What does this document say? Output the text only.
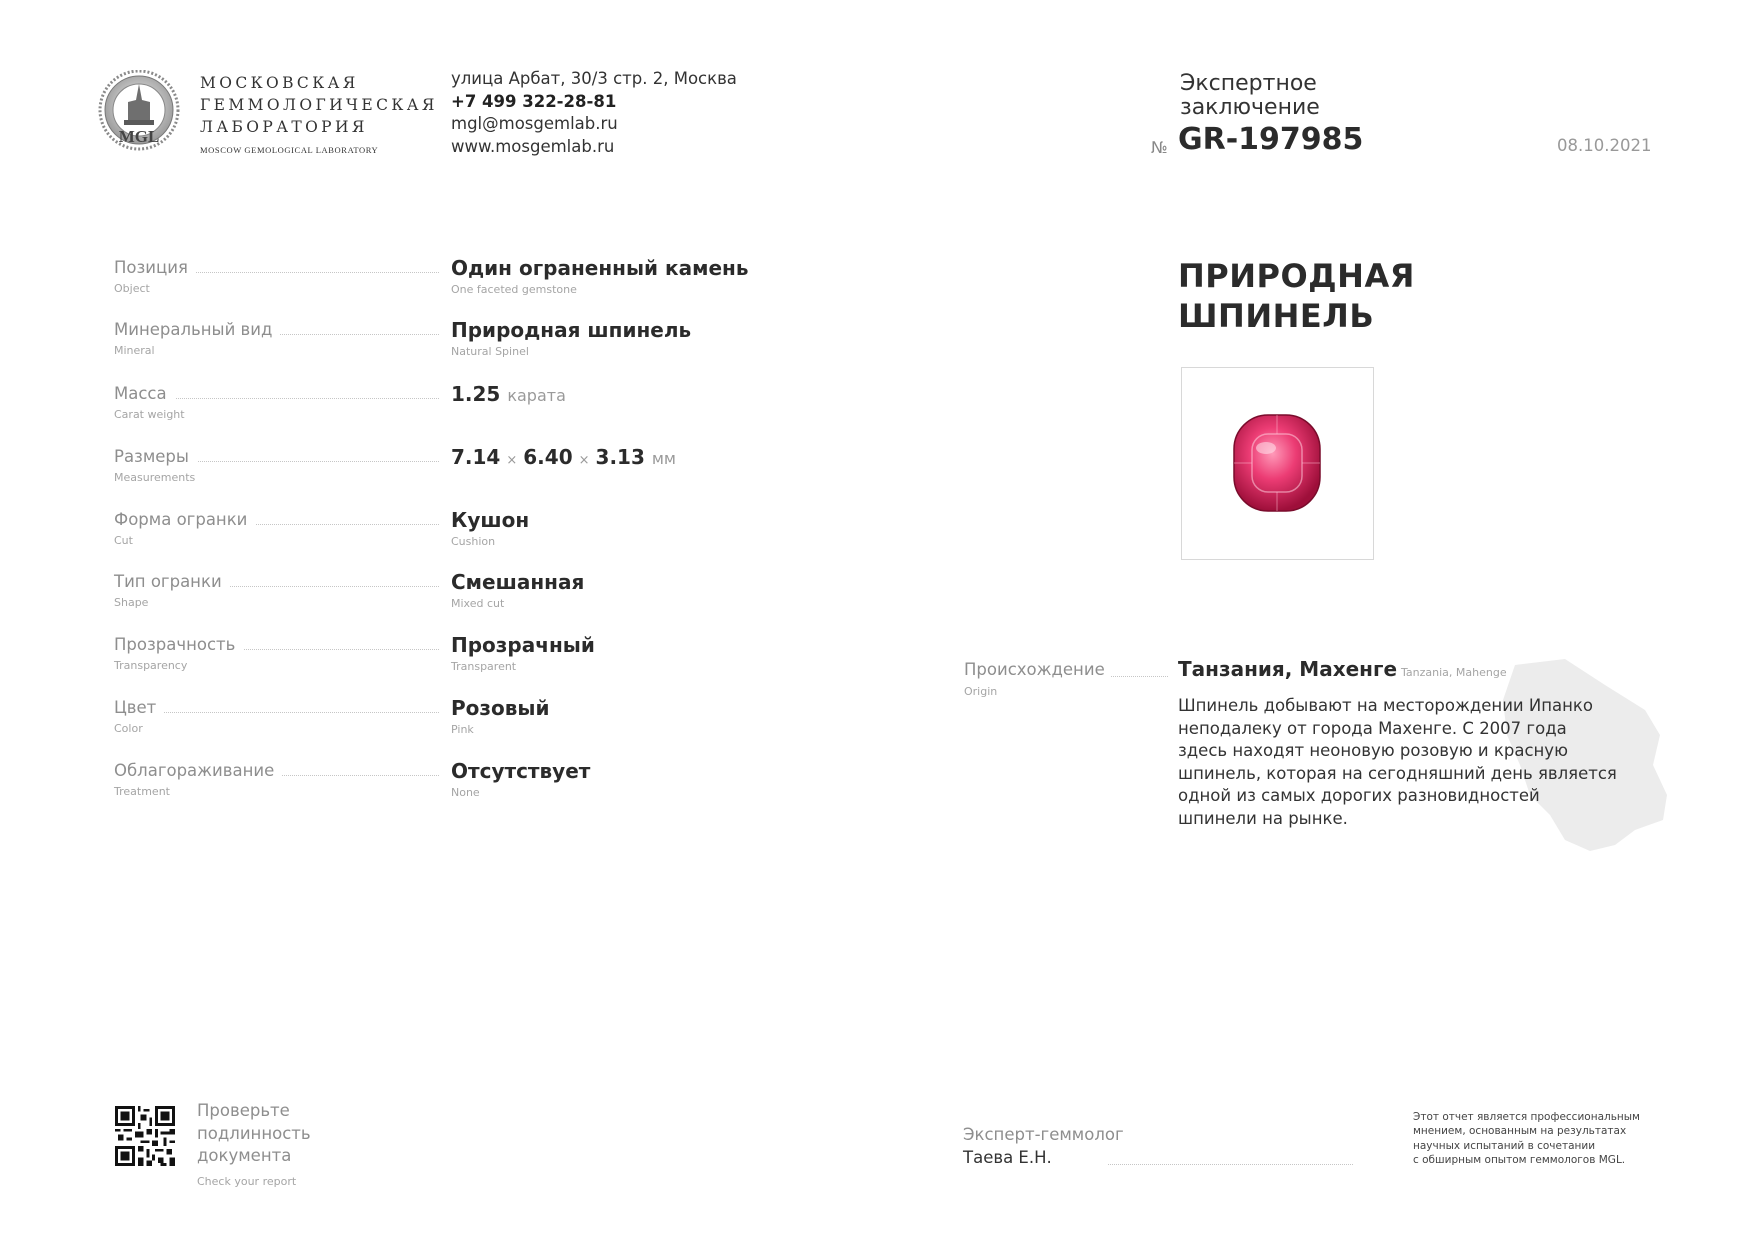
MGL
МОСКОВСКАЯ
ГЕММОЛОГИЧЕСКАЯ
ЛАБОРАТОРИЯ
MOSCOW GEMOLOGICAL LABORATORY
улица Арбат, 30/3 стр. 2, Москва
+7 499 322-28-81
mgl@mosgemlab.ru
www.mosgemlab.ru
Экспертное
заключение
№ GR-197985	08.10.2021
Позиция
Object
Один ограненный камень
One faceted gemstone
Минеральный вид
Mineral
Природная шпинель
Natural Spinel
Масса
Carat weight
1.25 карата
Размеры
Measurements
7.14 × 6.40 × 3.13 мм
Форма огранки
Cut
Кушон
Cushion
Тип огранки
Shape
Смешанная
Mixed cut
Прозрачность
Transparency
Прозрачный
Transparent
Цвет
Color
Розовый
Pink
Облагораживание
Treatment
Отсутствует
None
ПРИРОДНАЯ
ШПИНЕЛЬ
Происхождение
Origin
Танзания, Махенге Tanzania, Mahenge
Шпинель добывают на месторождении Ипанко неподалеку от города Махенге. С 2007 года здесь находят неоновую розовую и красную шпинель, которая на сегодняшний день является одной из самых дорогих разновидностей шпинели на рынке.
Проверьте
подлинность
документа
Check your report
Эксперт-геммолог
Таева Е.Н.
Этот отчет является профессиональным
мнением, основанным на результатах
научных испытаний в сочетании
с обширным опытом геммологов MGL.
